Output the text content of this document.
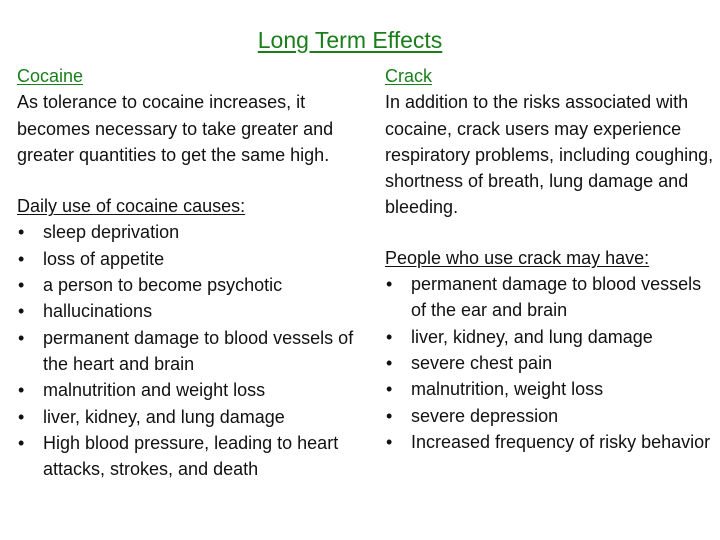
Long Term Effects
Cocaine

As tolerance to cocaine increases, it becomes necessary to take greater and greater quantities to get the same high.

Daily use of cocaine causes:
• sleep deprivation
• loss of appetite
• a person to become psychotic
• hallucinations
• permanent damage to blood vessels of the heart and brain
• malnutrition and weight loss
• liver, kidney, and lung damage
• High blood pressure, leading to heart attacks, strokes, and death
Crack

In addition to the risks associated with cocaine, crack users may experience respiratory problems, including coughing, shortness of breath, lung damage and bleeding.

People who use crack may have:
• permanent damage to blood vessels of the ear and brain
• liver, kidney, and lung damage
• severe chest pain
• malnutrition, weight loss
• severe depression
• Increased frequency of risky behavior
